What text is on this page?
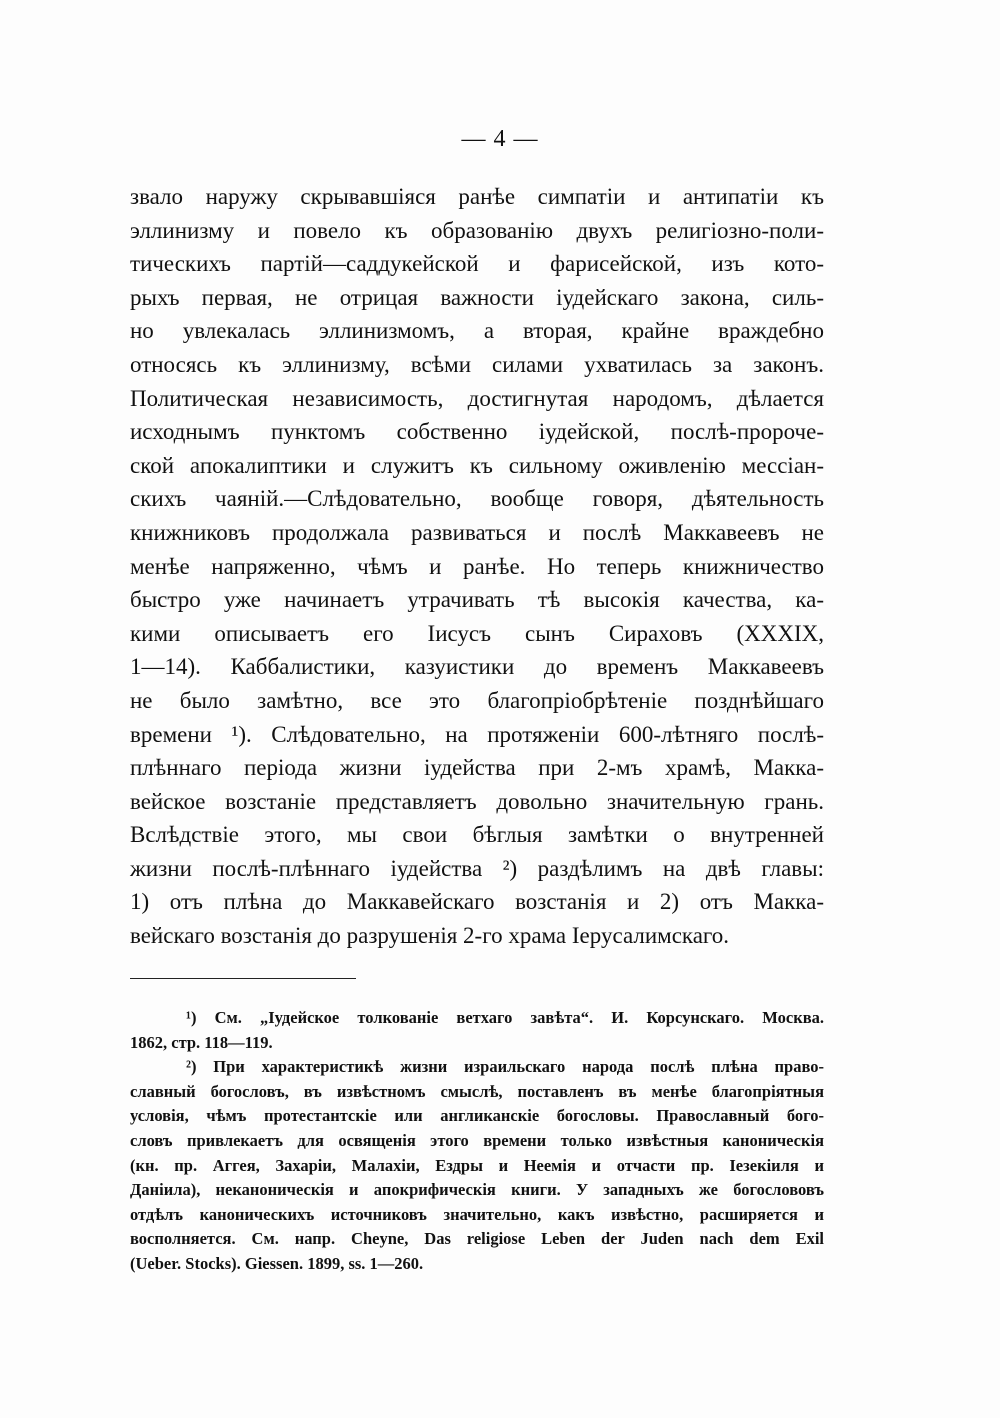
— 4 —
звало наружу скрывавшіяся ранѣе симпатіи и антипатіи къ
эллинизму и повело къ образованію двухъ религіозно-поли-
тическихъ партій—саддукейской и фарисейской, изъ кото-
рыхъ первая, не отрицая важности іудейскаго закона, силь-
но увлекалась эллинизмомъ, а вторая, крайне враждебно
относясь къ эллинизму, всѣми силами ухватилась за законъ.
Политическая независимость, достигнутая народомъ, дѣлается
исходнымъ пунктомъ собственно іудейской, послѣ-пророче-
ской апокалиптики и служитъ къ сильному оживленію мессіан-
скихъ чаяній.—Слѣдовательно, вообще говоря, дѣятельность
книжниковъ продолжала развиваться и послѣ Маккавеевъ не
менѣе напряженно, чѣмъ и ранѣе. Но теперь книжничество
быстро уже начинаетъ утрачивать тѣ высокія качества, ка-
кими описываетъ его Іисусъ сынъ Сираховъ (XXXIX,
1—14). Каббалистики, казуистики до временъ Маккавеевъ
не было замѣтно, все это благопріобрѣтеніе позднѣйшаго
времени ¹). Слѣдовательно, на протяженіи 600-лѣтняго послѣ-
плѣннаго періода жизни іудейства при 2-мъ храмѣ, Макка-
вейское возстаніе представляетъ довольно значительную грань.
Вслѣдствіе этого, мы свои бѣглыя замѣтки о внутренней
жизни послѣ-плѣннаго іудейства ²) раздѣлимъ на двѣ главы:
1) отъ плѣна до Маккавейскаго возстанія и 2) отъ Макка-
вейскаго возстанія до разрушенія 2-го храма Іерусалимскаго.
¹) См. „Іудейское толкованіе ветхаго завѣта“. И. Корсунскаго. Москва.
1862, стр. 118—119.
²) При характеристикѣ жизни израильскаго народа послѣ плѣна право-
славный богословъ, въ извѣстномъ смыслѣ, поставленъ въ менѣе благопріятныя
условія, чѣмъ протестантскіе или англиканскіе богословы. Православный бого-
словъ привлекаетъ для освященія этого времени только извѣстныя каноническія
(кн. пр. Аггея, Захаріи, Малахіи, Ездры и Неемія и отчасти пр. Іезекіиля и
Даніила), неканоническія и апокрифическія книги. У западныхъ же богослововъ
отдѣлъ каноническихъ источниковъ значительно, какъ извѣстно, расширяется и
восполняется. См. напр. Cheyne, Das religiose Leben der Juden nach dem Exil
(Ueber. Stocks). Giessen. 1899, ss. 1—260.
